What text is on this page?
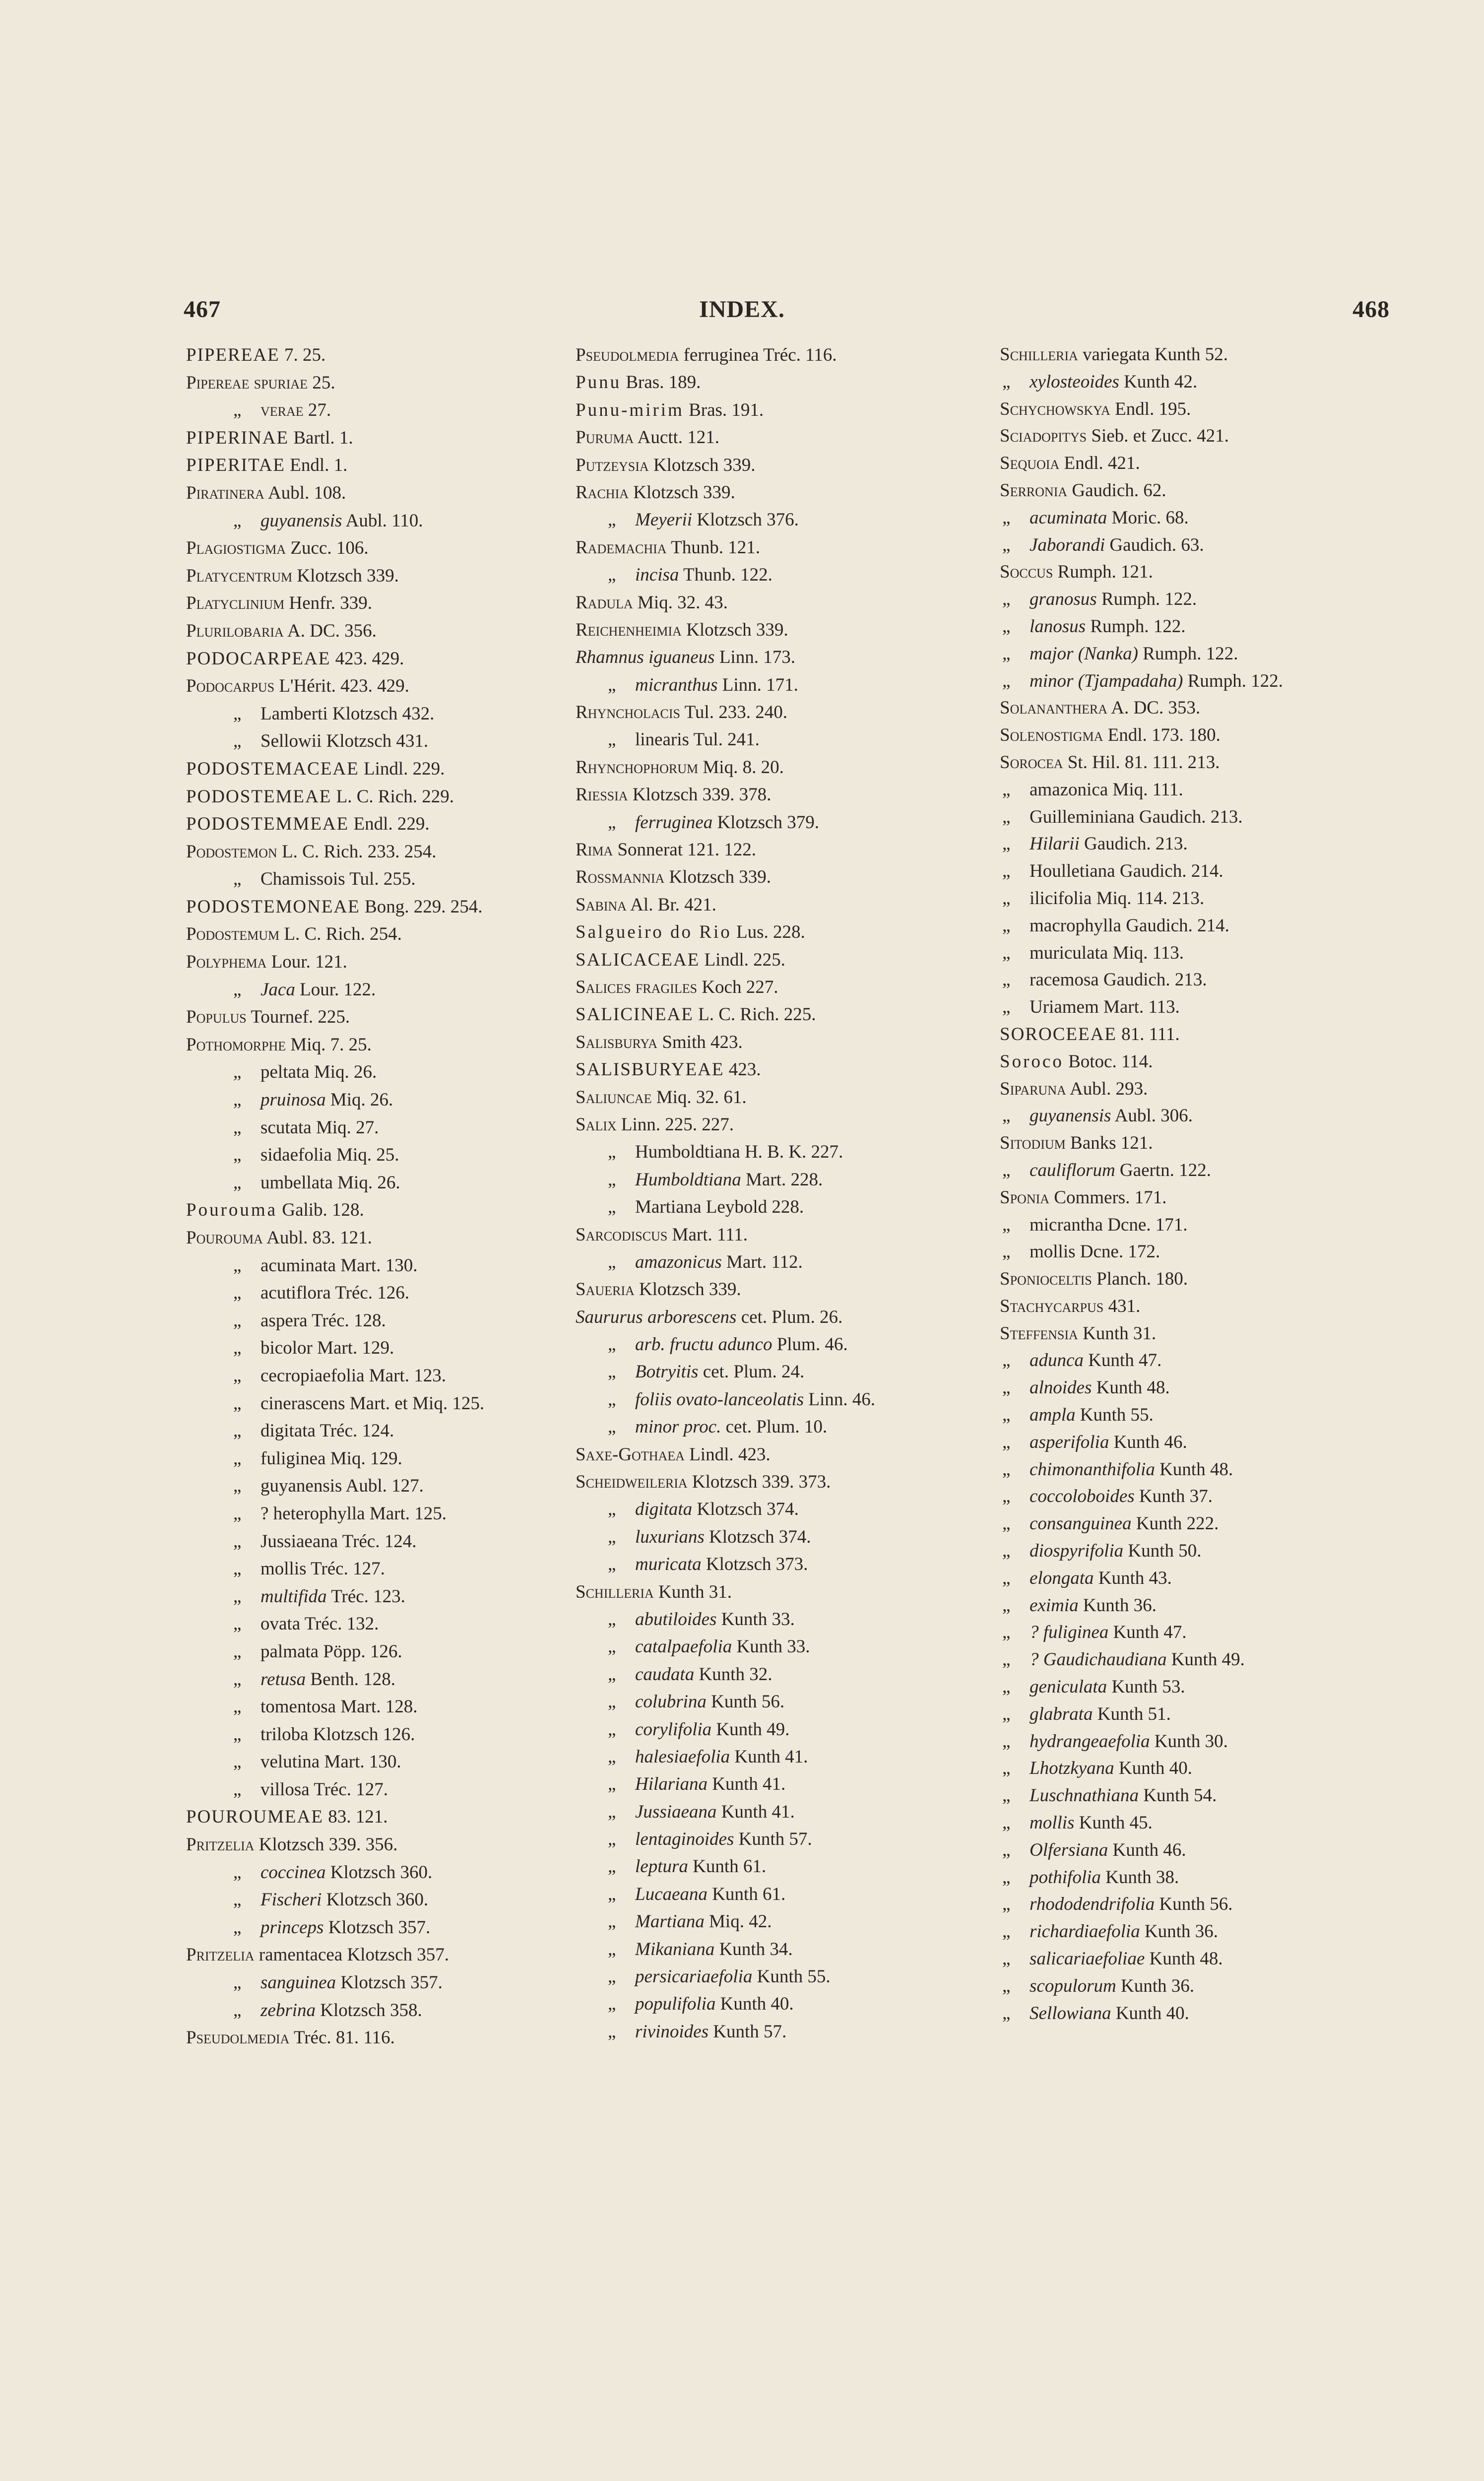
467	INDEX.	468
PIPEREAE 7. 25.
Pipereae spuriae 25.
„ verae 27.
PIPERINAE Bartl. 1.
PIPERITAE Endl. 1.
Piratinera Aubl. 108.
„ guyanensis Aubl. 110.
Plagiostigma Zucc. 106.
Platycentrum Klotzsch 339.
Platyclinium Henfr. 339.
Plurilobaria A. DC. 356.
PODOCARPEAE 423. 429.
Podocarpus L'Hérit. 423. 429.
„ Lamberti Klotzsch 432.
„ Sellowii Klotzsch 431.
PODOSTEMACEAE Lindl. 229.
PODOSTEMEAE L. C. Rich. 229.
PODOSTEMMEAE Endl. 229.
Podostemon L. C. Rich. 233. 254.
„ Chamissois Tul. 255.
PODOSTEMONEAE Bong. 229. 254.
Podostemum L. C. Rich. 254.
Polyphema Lour. 121.
„ Jaca Lour. 122.
Populus Tournef. 225.
Pothomorphe Miq. 7. 25.
„ peltata Miq. 26.
„ pruinosa Miq. 26.
„ scutata Miq. 27.
„ sidaefolia Miq. 25.
„ umbellata Miq. 26.
Pourouma Galib. 128.
Pourouma Aubl. 83. 121.
„ acuminata Mart. 130.
„ acutiflora Tréc. 126.
„ aspera Tréc. 128.
„ bicolor Mart. 129.
„ cecropiaefolia Mart. 123.
„ cinerascens Mart. et Miq. 125.
„ digitata Tréc. 124.
„ fuliginea Miq. 129.
„ guyanensis Aubl. 127.
„ ? heterophylla Mart. 125.
„ Jussiaeana Tréc. 124.
„ mollis Tréc. 127.
„ multifida Tréc. 123.
„ ovata Tréc. 132.
„ palmata Pöpp. 126.
„ retusa Benth. 128.
„ tomentosa Mart. 128.
„ triloba Klotzsch 126.
„ velutina Mart. 130.
„ villosa Tréc. 127.
POUROUMEAE 83. 121.
Pritzelia Klotzsch 339. 356.
„ coccinea Klotzsch 360.
„ Fischeri Klotzsch 360.
„ princeps Klotzsch 357.
Pritzelia ramentacea Klotzsch 357.
„ sanguinea Klotzsch 357.
„ zebrina Klotzsch 358.
Pseudolmedia Tréc. 81. 116.
Pseudolmedia ferruginea Tréc. 116.
Punu Bras. 189.
Punu-mirim Bras. 191.
Puruma Auctt. 121.
Putzeysia Klotzsch 339.
Rachia Klotzsch 339.
„ Meyerii Klotzsch 376.
Rademachia Thunb. 121.
„ incisa Thunb. 122.
Radula Miq. 32. 43.
Reichenheimia Klotzsch 339.
Rhamnus iguaneus Linn. 173.
„ micranthus Linn. 171.
Rhyncholacis Tul. 233. 240.
„ linearis Tul. 241.
Rhynchophorum Miq. 8. 20.
Riessia Klotzsch 339. 378.
„ ferruginea Klotzsch 379.
Rima Sonnerat 121. 122.
Rossmannia Klotzsch 339.
Sabina Al. Br. 421.
Salgueiro do Rio Lus. 228.
SALICACEAE Lindl. 225.
Salices fragiles Koch 227.
SALICINEAE L. C. Rich. 225.
Salisburya Smith 423.
SALISBURYEAE 423.
Saliuncae Miq. 32. 61.
Salix Linn. 225. 227.
„ Humboldtiana H. B. K. 227.
„ Humboldtiana Mart. 228.
„ Martiana Leybold 228.
Sarcodiscus Mart. 111.
„ amazonicus Mart. 112.
Saueria Klotzsch 339.
Saururus arborescens cet. Plum. 26.
„ arb. fructu adunco Plum. 46.
„ Botryitis cet. Plum. 24.
„ foliis ovato-lanceolatis Linn. 46.
„ minor proc. cet. Plum. 10.
Saxe-Gothaea Lindl. 423.
Scheidweileria Klotzsch 339. 373.
„ digitata Klotzsch 374.
„ luxurians Klotzsch 374.
„ muricata Klotzsch 373.
Schilleria Kunth 31.
„ abutiloides Kunth 33.
„ catalpaefolia Kunth 33.
„ caudata Kunth 32.
„ colubrina Kunth 56.
„ corylifolia Kunth 49.
„ halesiaefolia Kunth 41.
„ Hilariana Kunth 41.
„ Jussiaeana Kunth 41.
„ lentaginoides Kunth 57.
„ leptura Kunth 61.
„ Lucaeana Kunth 61.
„ Martiana Miq. 42.
„ Mikaniana Kunth 34.
„ persicariaefolia Kunth 55.
„ populifolia Kunth 40.
„ rivinoides Kunth 57.
Schilleria variegata Kunth 52.
„ xylosteoides Kunth 42.
Schychowskya Endl. 195.
Sciadopitys Sieb. et Zucc. 421.
Sequoia Endl. 421.
Serronia Gaudich. 62.
„ acuminata Moric. 68.
„ Jaborandi Gaudich. 63.
Soccus Rumph. 121.
„ granosus Rumph. 122.
„ lanosus Rumph. 122.
„ major (Nanka) Rumph. 122.
„ minor (Tjampadaha) Rumph. 122.
Solananthera A. DC. 353.
Solenostigma Endl. 173. 180.
Sorocea St. Hil. 81. 111. 213.
„ amazonica Miq. 111.
„ Guilleminiana Gaudich. 213.
„ Hilarii Gaudich. 213.
„ Houlletiana Gaudich. 214.
„ ilicifolia Miq. 114. 213.
„ macrophylla Gaudich. 214.
„ muriculata Miq. 113.
„ racemosa Gaudich. 213.
„ Uriamem Mart. 113.
SOROCEEAE 81. 111.
Soroco Botoc. 114.
Siparuna Aubl. 293.
„ guyanensis Aubl. 306.
Sitodium Banks 121.
„ cauliflorum Gaertn. 122.
Sponia Commers. 171.
„ micrantha Dcne. 171.
„ mollis Dcne. 172.
Sponioceltis Planch. 180.
Stachycarpus 431.
Steffensia Kunth 31.
„ adunca Kunth 47.
„ alnoides Kunth 48.
„ ampla Kunth 55.
„ asperifolia Kunth 46.
„ chimonanthifolia Kunth 48.
„ coccoloboides Kunth 37.
„ consanguinea Kunth 222.
„ diospyrifolia Kunth 50.
„ elongata Kunth 43.
„ eximia Kunth 36.
„ ? fuliginea Kunth 47.
„ ? Gaudichaudiana Kunth 49.
„ geniculata Kunth 53.
„ glabrata Kunth 51.
„ hydrangeaefolia Kunth 30.
„ Lhotzkyana Kunth 40.
„ Luschnathiana Kunth 54.
„ mollis Kunth 45.
„ Olfersiana Kunth 46.
„ pothifolia Kunth 38.
„ rhododendrifolia Kunth 56.
„ richardiaefolia Kunth 36.
„ salicariaefoliae Kunth 48.
„ scopulorum Kunth 36.
„ Sellowiana Kunth 40.
